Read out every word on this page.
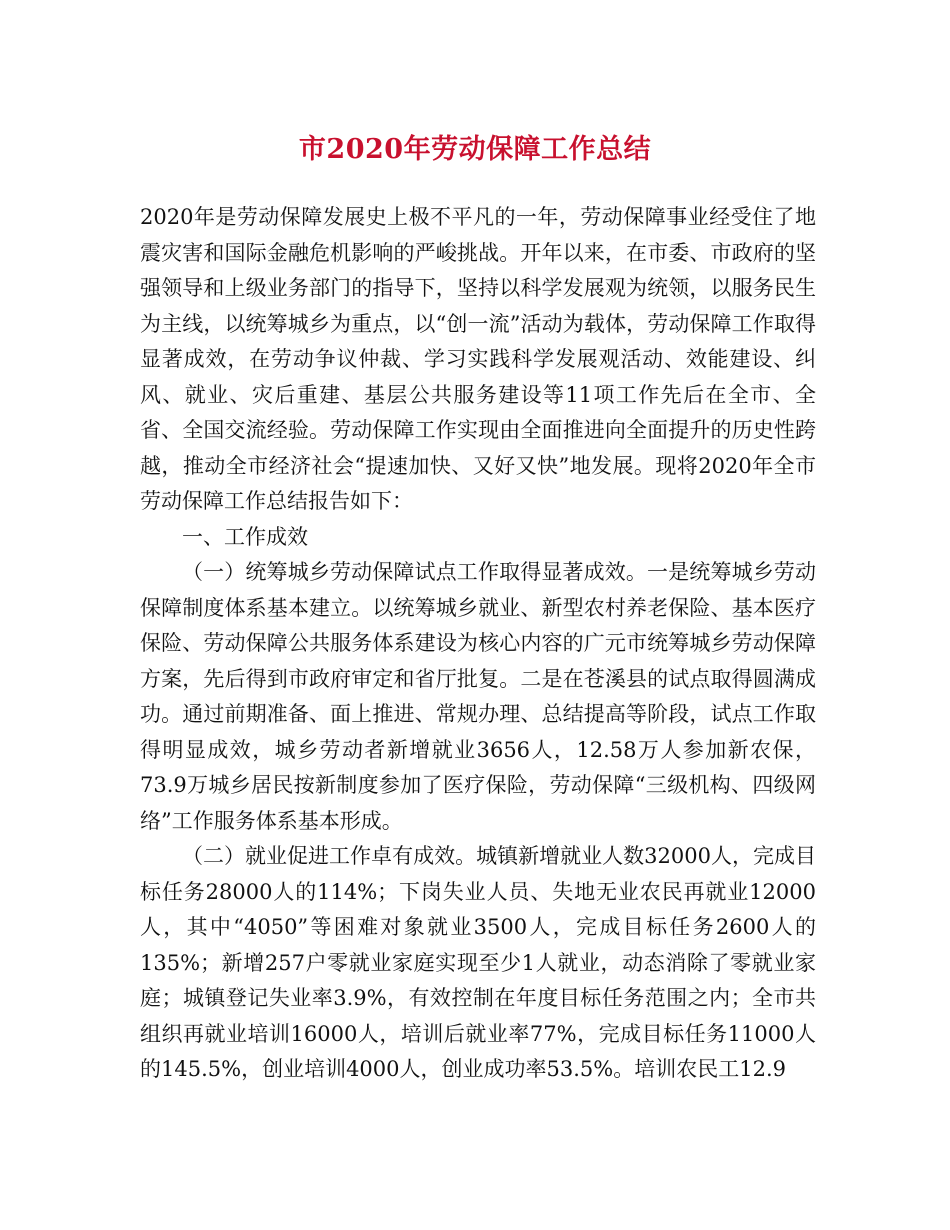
市2020年劳动保障工作总结

2020年是劳动保障发展史上极不平凡的一年，劳动保障事业经受住了地震灾害和国际金融危机影响的严峻挑战。开年以来，在市委、市政府的坚强领导和上级业务部门的指导下，坚持以科学发展观为统领，以服务民生为主线，以统筹城乡为重点，以“创一流”活动为载体，劳动保障工作取得显著成效，在劳动争议仲裁、学习实践科学发展观活动、效能建设、纠风、就业、灾后重建、基层公共服务建设等11项工作先后在全市、全省、全国交流经验。劳动保障工作实现由全面推进向全面提升的历史性跨越，推动全市经济社会“提速加快、又好又快”地发展。现将2020年全市劳动保障工作总结报告如下：

一、工作成效

（一）统筹城乡劳动保障试点工作取得显著成效。一是统筹城乡劳动保障制度体系基本建立。以统筹城乡就业、新型农村养老保险、基本医疗保险、劳动保障公共服务体系建设为核心内容的广元市统筹城乡劳动保障方案，先后得到市政府审定和省厅批复。二是在苍溪县的试点取得圆满成功。通过前期准备、面上推进、常规办理、总结提高等阶段，试点工作取得明显成效，城乡劳动者新增就业3656人，12.58万人参加新农保，73.9万城乡居民按新制度参加了医疗保险，劳动保障“三级机构、四级网络”工作服务体系基本形成。

（二）就业促进工作卓有成效。城镇新增就业人数32000人，完成目标任务28000人的114%；下岗失业人员、失地无业农民再就业12000人，其中“4050”等困难对象就业3500人，完成目标任务2600人的135%；新增257户零就业家庭实现至少1人就业，动态消除了零就业家庭；城镇登记失业率3.9%，有效控制在年度目标任务范围之内；全市共组织再就业培训16000人，培训后就业率77%，完成目标任务11000人的145.5%，创业培训4000人，创业成功率53.5%。培训农民工12.9
